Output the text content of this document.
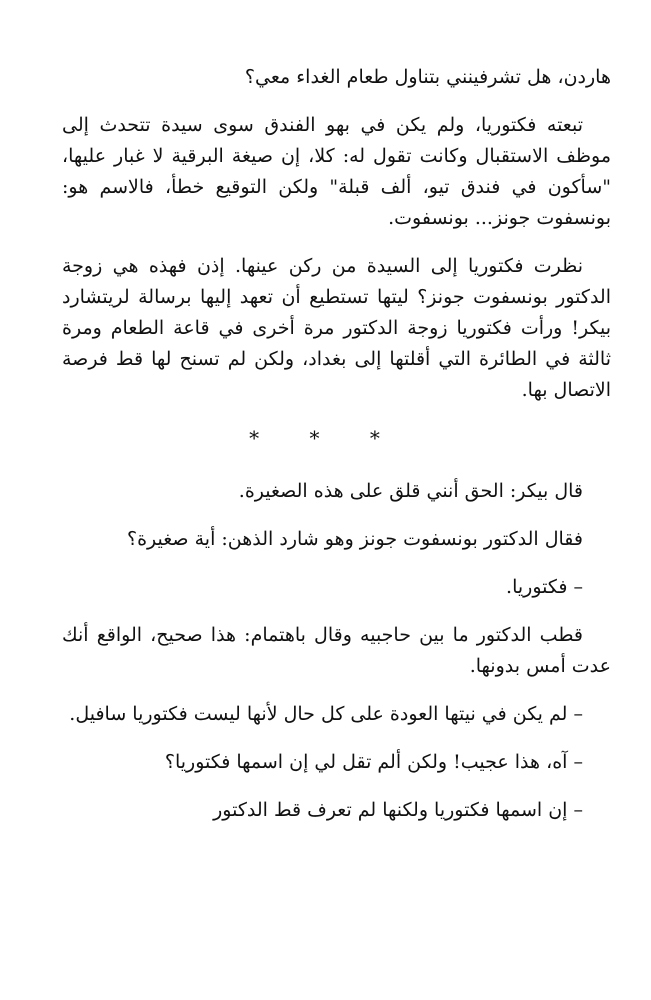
هاردن، هل تشرفينني بتناول طعام الغداء معي؟

تبعته فكتوريا، ولم يكن في بهو الفندق سوى سيدة تتحدث إلى موظف الاستقبال وكانت تقول له: كلا، إن صيغة البرقية لا غبار عليها، "سأكون في فندق تيو، ألف قبلة" ولكن التوقيع خطأ، فالاسم هو: بونسفوت جونز... بونسفوت.

نظرت فكتوريا إلى السيدة من ركن عينها. إذن فهذه هي زوجة الدكتور بونسفوت جونز؟ ليتها تستطيع أن تعهد إليها برسالة لريتشارد بيكر! ورأت فكتوريا زوجة الدكتور مرة أخرى في قاعة الطعام ومرة ثالثة في الطائرة التي أقلتها إلى بغداد، ولكن لم تسنح لها قط فرصة الاتصال بها.

* * *

قال بيكر: الحق أنني قلق على هذه الصغيرة.

فقال الدكتور بونسفوت جونز وهو شارد الذهن: أية صغيرة؟

– فكتوريا.

قطب الدكتور ما بين حاجبيه وقال باهتمام: هذا صحيح، الواقع أنك عدت أمس بدونها.

– لم يكن في نيتها العودة على كل حال لأنها ليست فكتوريا سافيل.

– آه، هذا عجيب! ولكن ألم تقل لي إن اسمها فكتوريا؟

– إن اسمها فكتوريا ولكنها لم تعرف قط الدكتور
